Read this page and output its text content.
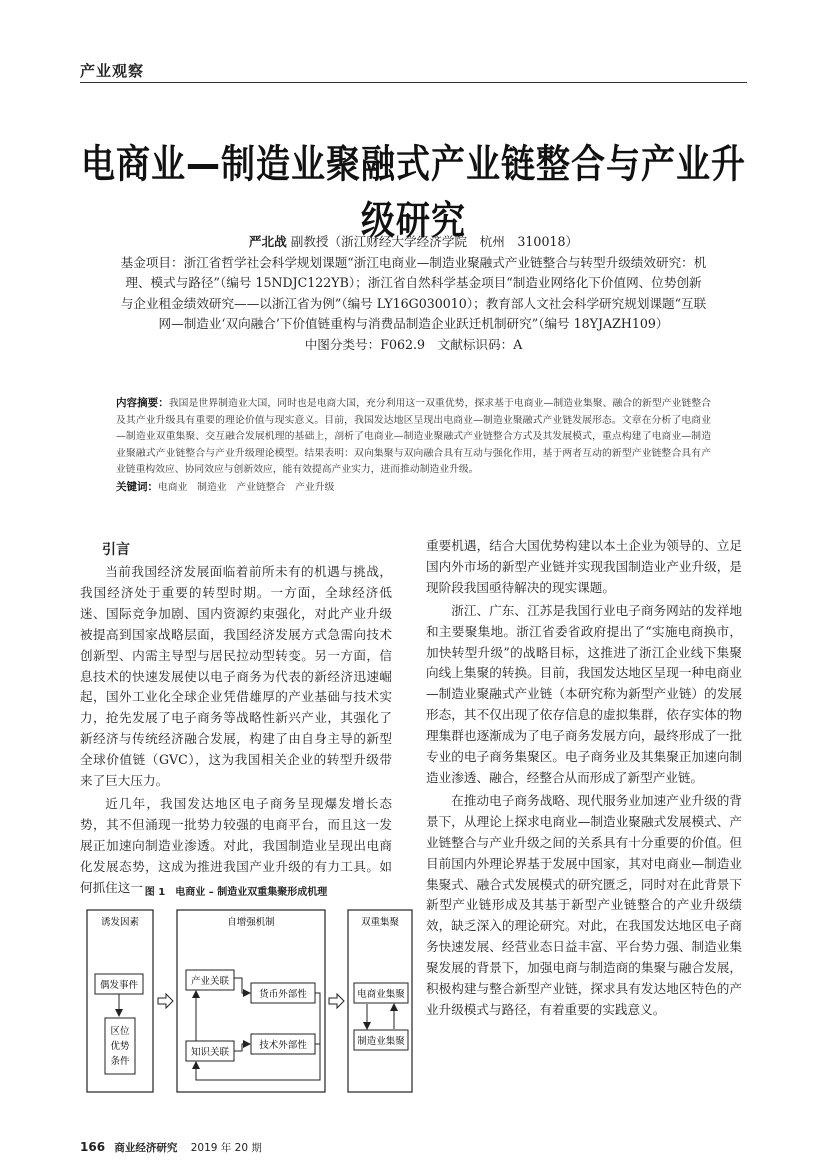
产业观察
电商业—制造业聚融式产业链整合与产业升级研究
严北战 副教授（浙江财经大学经济学院　杭州　310018）
基金项目：浙江省哲学社会科学规划课题“浙江电商业—制造业聚融式产业链整合与转型升级绩效研究：机理、模式与路径”（编号 15NDJC122YB）；浙江省自然科学基金项目“制造业网络化下价值网、位势创新与企业租金绩效研究——以浙江省为例”（编号 LY16G030010）；教育部人文社会科学研究规划课题“互联网—制造业‘双向融合’下价值链重构与消费品制造企业跃迁机制研究”（编号 18YJAZH109）
中图分类号：F062.9　文献标识码：A
内容摘要：我国是世界制造业大国，同时也是电商大国，充分利用这一双重优势，探求基于电商业—制造业集聚、融合的新型产业链整合及其产业升级具有重要的理论价值与现实意义。目前，我国发达地区呈现出电商业—制造业聚融式产业链发展形态。文章在分析了电商业—制造业双重集聚、交互融合发展机理的基础上，剖析了电商业—制造业聚融式产业链整合方式及其发展模式，重点构建了电商业—制造业聚融式产业链整合与产业升级理论模型。结果表明：双向集聚与双向融合具有互动与强化作用，基于两者互动的新型产业链整合具有产业链重构效应、协同效应与创新效应，能有效提高产业实力，进而推动制造业升级。
关键词：电商业　制造业　产业链整合　产业升级

引言

当前我国经济发展面临着前所未有的机遇与挑战，我国经济处于重要的转型时期。一方面，全球经济低迷、国际竞争加剧、国内资源约束强化，对此产业升级被提高到国家战略层面，我国经济发展方式急需向技术创新型、内需主导型与居民拉动型转变。另一方面，信息技术的快速发展使以电子商务为代表的新经济迅速崛起，国外工业化全球企业凭借雄厚的产业基础与技术实力，抢先发展了电子商务等战略性新兴产业，其强化了新经济与传统经济融合发展，构建了由自身主导的新型全球价值链（GVC），这为我国相关企业的转型升级带来了巨大压力。

近几年，我国发达地区电子商务呈现爆发增长态势，其不但涌现一批势力较强的电商平台，而且这一发展正加速向制造业渗透。对此，我国制造业呈现出电商化发展态势，这成为推进我国产业升级的有力工具。如何抓住这一

重要机遇，结合大国优势构建以本土企业为领导的、立足国内外市场的新型产业链并实现我国制造业产业升级，是现阶段我国亟待解决的现实课题。

浙江、广东、江苏是我国行业电子商务网站的发祥地和主要聚集地。浙江省委省政府提出了“实施电商换市，加快转型升级”的战略目标，这推进了浙江企业线下集聚向线上集聚的转换。目前，我国发达地区呈现一种电商业—制造业聚融式产业链（本研究称为新型产业链）的发展形态，其不仅出现了依存信息的虚拟集群，依存实体的物理集群也逐渐成为了电子商务发展方向，最终形成了一批专业的电子商务集聚区。电子商务业及其集聚正加速向制造业渗透、融合，经整合从而形成了新型产业链。

在推动电子商务战略、现代服务业加速产业升级的背景下，从理论上探求电商业—制造业聚融式发展模式、产业链整合与产业升级之间的关系具有十分重要的价值。但目前国内外理论界基于发展中国家，其对电商业—制造业集聚式、融合式发展模式的研究匮乏，同时对在此背景下新型产业链形成及其基于新型产业链整合的产业升级绩效，缺乏深入的理论研究。对此，在我国发达地区电子商务快速发展、经营业态日益丰富、平台势力强、制造业集聚发展的背景下，加强电商与制造商的集聚与融合发展，积极构建与整合新型产业链，探求具有发达地区特色的产业升级模式与路径，有着重要的实践意义。

图 1　电商业 – 制造业双重集聚形成机理
诱发因素
偶发事件
区位
优势
条件
自增强机制
产业关联
知识关联
货币外部性
技术外部性
双重集聚
电商业集聚
制造业集聚
166 商业经济研究 2019 年 20 期
